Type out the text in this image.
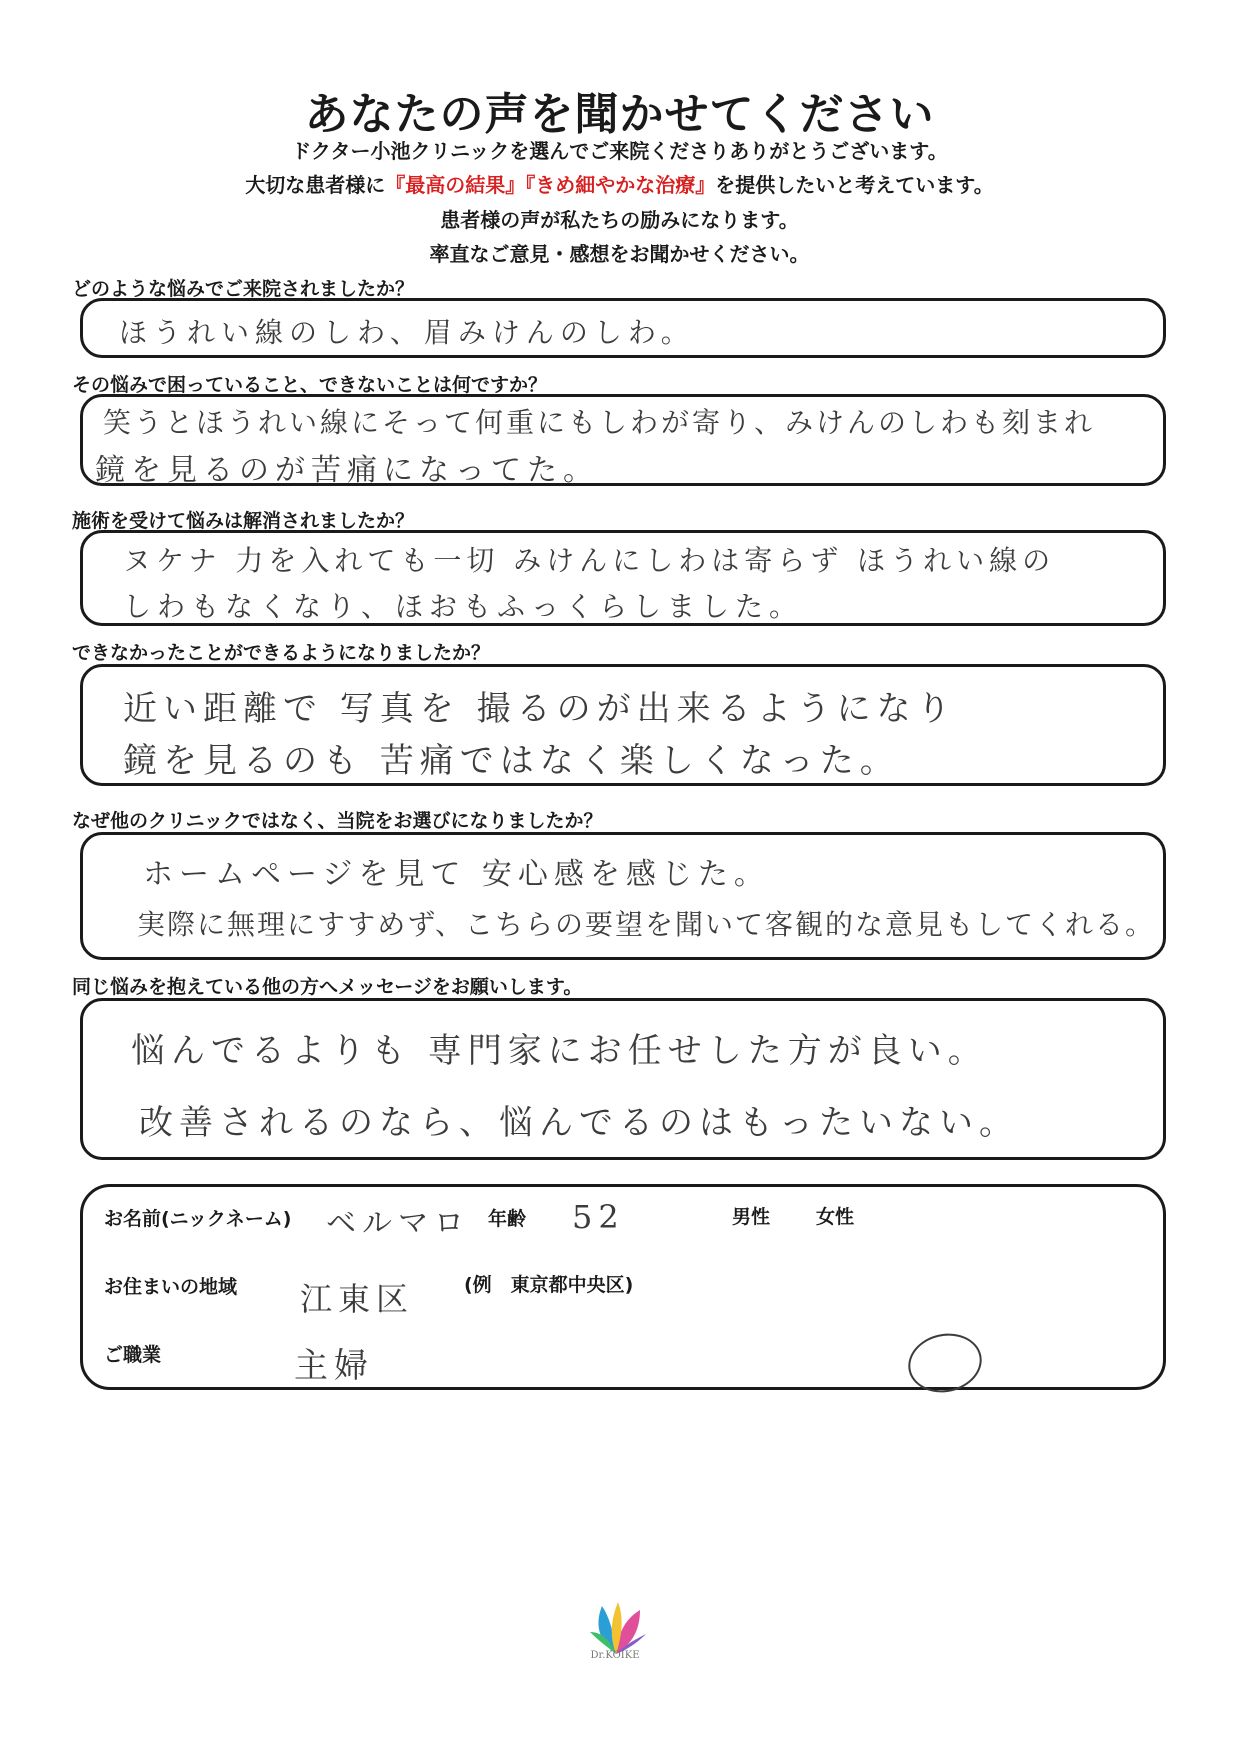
あなたの声を聞かせてください
ドクター小池クリニックを選んでご来院くださりありがとうございます。
大切な患者様に『最高の結果』『きめ細やかな治療』を提供したいと考えています。
患者様の声が私たちの励みになります。
率直なご意見・感想をお聞かせください。
どのような悩みでご来院されましたか？
ほうれい線のしわ、眉みけんのしわ。
その悩みで困っていること、できないことは何ですか？
笑うとほうれい線にそって何重にもしわが寄り、みけんのしわも刻まれ
鏡を見るのが苦痛になってた。
施術を受けて悩みは解消されましたか？
ヌケナ 力を入れても一切 みけんにしわは寄らず ほうれい線の
しわもなくなり、ほおもふっくらしました。
できなかったことができるようになりましたか？
近い距離で 写真を 撮るのが出来るようになり
鏡を見るのも 苦痛ではなく楽しくなった。
なぜ他のクリニックではなく、当院をお選びになりましたか？
ホームページを見て 安心感を感じた。
実際に無理にすすめず、こちらの要望を聞いて客観的な意見もしてくれる。
同じ悩みを抱えている他の方へメッセージをお願いします。
悩んでるよりも 専門家にお任せした方が良い。
改善されるのなら、悩んでるのはもったいない。
お名前(ニックネーム) ベルマロ 年齢 52	男性 女性
お住まいの地域 江東区	(例　東京都中央区)
ご職業	主婦
Dr.KOIKE
